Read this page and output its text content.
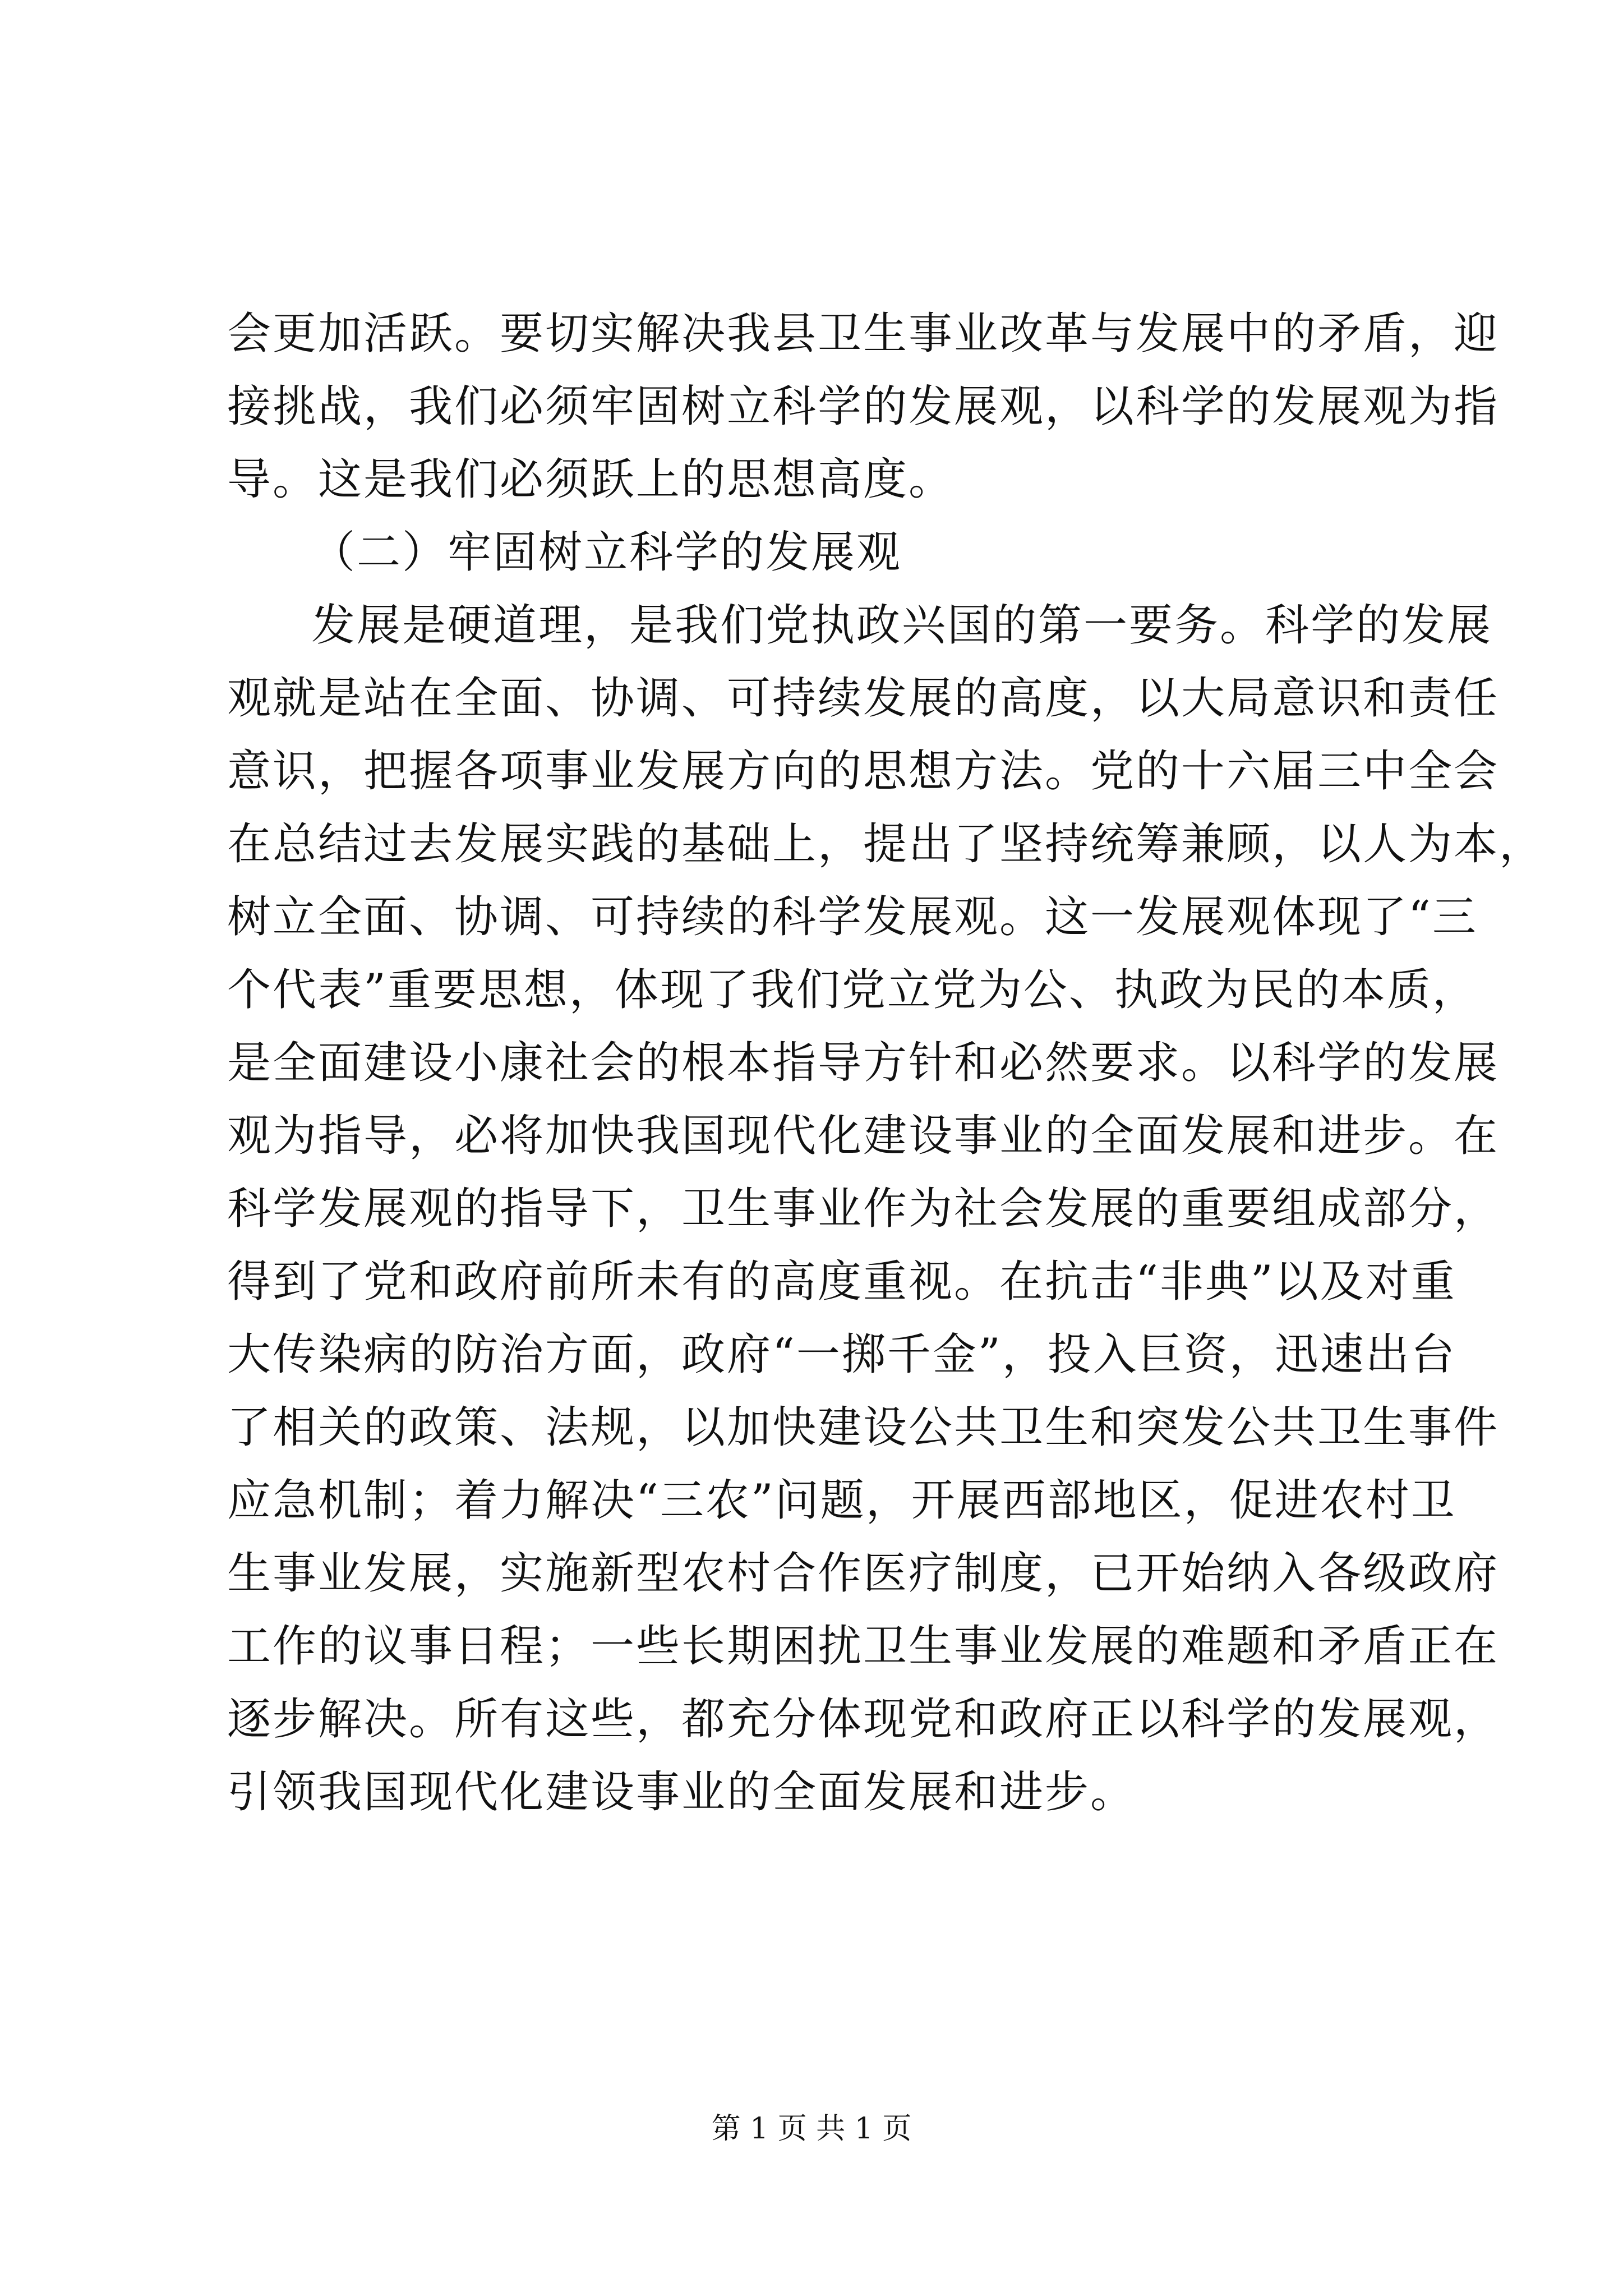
会更加活跃。要切实解决我县卫生事业改革与发展中的矛盾，迎
接挑战，我们必须牢固树立科学的发展观，以科学的发展观为指
导。这是我们必须跃上的思想高度。
（二）牢固树立科学的发展观
发展是硬道理，是我们党执政兴国的第一要务。科学的发展
观就是站在全面、协调、可持续发展的高度，以大局意识和责任
意识，把握各项事业发展方向的思想方法。党的十六届三中全会
在总结过去发展实践的基础上，提出了坚持统筹兼顾，以人为本，
树立全面、协调、可持续的科学发展观。这一发展观体现了“三
个代表”重要思想，体现了我们党立党为公、执政为民的本质，
是全面建设小康社会的根本指导方针和必然要求。以科学的发展
观为指导，必将加快我国现代化建设事业的全面发展和进步。在
科学发展观的指导下，卫生事业作为社会发展的重要组成部分，
得到了党和政府前所未有的高度重视。在抗击“非典”以及对重
大传染病的防治方面，政府“一掷千金”，投入巨资，迅速出台
了相关的政策、法规，以加快建设公共卫生和突发公共卫生事件
应急机制；着力解决“三农”问题，开展西部地区，促进农村卫
生事业发展，实施新型农村合作医疗制度，已开始纳入各级政府
工作的议事日程；一些长期困扰卫生事业发展的难题和矛盾正在
逐步解决。所有这些，都充分体现党和政府正以科学的发展观，
引领我国现代化建设事业的全面发展和进步。
第 1 页 共 1 页
